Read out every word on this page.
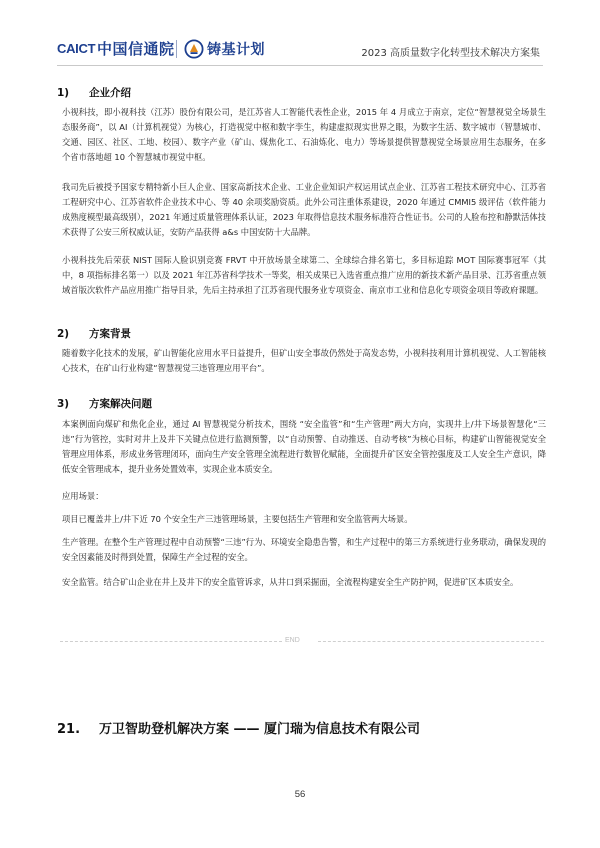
CAICT 中国信通院 铸基计划	2023 高质量数字化转型技术解决方案集
1) 企业介绍

小视科技，即小视科技（江苏）股份有限公司，是江苏省人工智能代表性企业，2015 年 4 月成立于南京，定位“智慧视觉全场景生态服务商”，以 AI（计算机视觉）为核心，打造视觉中枢和数字孪生，构建虚拟现实世界之眼，为数字生活、数字城市（智慧城市、交通、园区、社区、工地、校园）、数字产业（矿山、煤焦化工、石油炼化、电力）等场景提供智慧视觉全场景应用生态服务，在多个省市落地超 10 个智慧城市视觉中枢。

我司先后被授予国家专精特新小巨人企业、国家高新技术企业、工业企业知识产权运用试点企业、江苏省工程技术研究中心、江苏省工程研究中心、江苏省软件企业技术中心、等 40 余项奖励资质。此外公司注重体系建设，2020 年通过 CMMI5 级评估（软件能力成熟度模型最高级别），2021 年通过质量管理体系认证，2023 年取得信息技术服务标准符合性证书。公司的人脸布控和静默活体技术获得了公安三所权威认证，安防产品获得 a&s 中国安防十大品牌。

小视科技先后荣获 NIST 国际人脸识别竞赛 FRVT 中开放场景全球第二、全球综合排名第七，多目标追踪 MOT 国际赛事冠军（其中，8 项指标排名第一）以及 2021 年江苏省科学技术一等奖，相关成果已入选省重点推广应用的新技术新产品目录、江苏省重点领域首版次软件产品应用推广指导目录，先后主持承担了江苏省现代服务业专项资金、南京市工业和信息化专项资金项目等政府课题。

2) 方案背景

随着数字化技术的发展，矿山智能化应用水平日益提升，但矿山安全事故仍然处于高发态势，小视科技利用计算机视觉、人工智能核心技术，在矿山行业构建“智慧视觉三违管理应用平台”。

3) 方案解决问题

本案例面向煤矿和焦化企业，通过 AI 智慧视觉分析技术，围绕 “安全监管”和“生产管理”两大方向，实现井上/井下场景智慧化“三违”行为管控，实时对井上及井下关键点位进行监测预警，以“自动预警、自动推送、自动考核”为核心目标，构建矿山智能视觉安全管理应用体系，形成业务管理闭环，面向生产安全管理全流程进行数智化赋能，全面提升矿区安全管控强度及工人安全生产意识，降低安全管理成本，提升业务处置效率，实现企业本质安全。

应用场景：

项目已覆盖井上/井下近 70 个安全生产三违管理场景，主要包括生产管理和安全监管两大场景。

生产管理。在整个生产管理过程中自动预警“三违”行为、环境安全隐患告警，和生产过程中的第三方系统进行业务联动，确保发现的安全因素能及时得到处置，保障生产全过程的安全。

安全监管。结合矿山企业在井上及井下的安全监管诉求，从井口到采掘面，全流程构建安全生产防护网，促进矿区本质安全。

END
21. 万卫智助登机解决方案 —— 厦门瑞为信息技术有限公司
56
